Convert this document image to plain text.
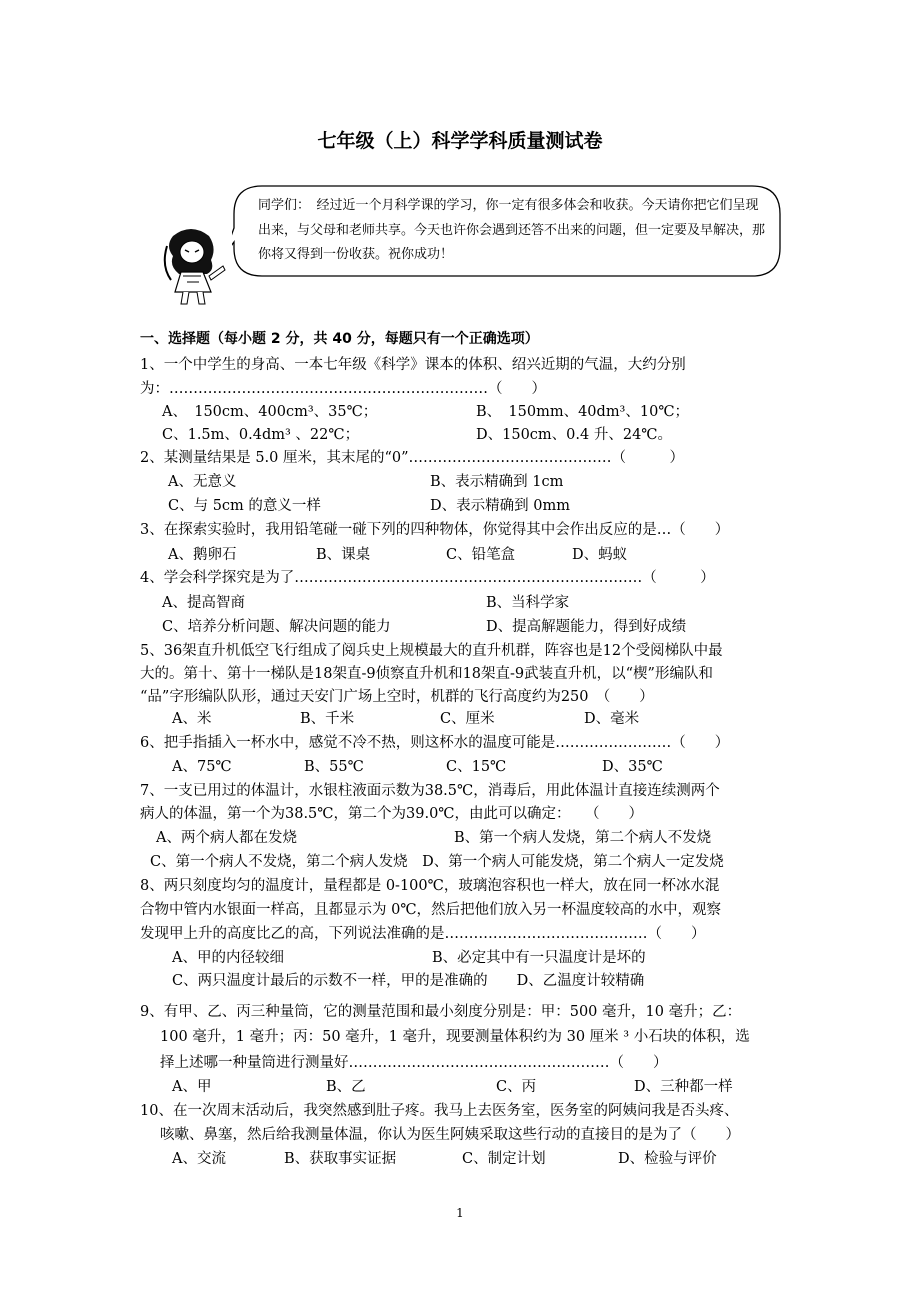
七年级（上）科学学科质量测试卷
同学们：　经过近一个月科学课的学习，你一定有很多体会和收获。今天请你把它们呈现出来，与父母和老师共享。今天也许你会遇到还答不出来的问题，但一定要及早解决，那你将又得到一份收获。祝你成功！
一、选择题（每小题 2 分，共 40 分，每题只有一个正确选项）
1、一个中学生的身高、一本七年级《科学》课本的体积、绍兴近期的气温，大约分别
为：…………………………………………………………（　　）
A、　150cm、400cm³、35℃；	B、　150mm、40dm³、10℃；
C、1.5m、0.4dm³ 、22℃；	D、150cm、0.4 升、24℃。
2、某测量结果是 5.0 厘米，其末尾的“0”……………………………………（　　　）
A、无意义	B、表示精确到 1cm
C、与 5cm 的意义一样	D、表示精确到 0mm
3、在探索实验时，我用铅笔碰一碰下列的四种物体，你觉得其中会作出反应的是…（　　）
A、鹅卵石	B、课桌	C、铅笔盒	D、蚂蚁
4、学会科学探究是为了………………………………………………………………（　　　）
A、提高智商	B、当科学家
C、培养分析问题、解决问题的能力	D、提高解题能力，得到好成绩
5、36架直升机低空飞行组成了阅兵史上规模最大的直升机群，阵容也是12个受阅梯队中最
大的。第十、第十一梯队是18架直-9侦察直升机和18架直-9武装直升机，以“楔”形编队和
“品”字形编队队形，通过天安门广场上空时，机群的飞行高度约为250　（　　）
A、米	B、千米	C、厘米	D、毫米
6、把手指插入一杯水中，感觉不冷不热，则这杯水的温度可能是……………………（　　）
A、75℃	B、55℃	C、15℃	D、35℃
7、一支已用过的体温计，水银柱液面示数为38.5℃，消毒后，用此体温计直接连续测两个
病人的体温，第一个为38.5℃，第二个为39.0℃，由此可以确定：　　（　　）
A、两个病人都在发烧	B、第一个病人发烧，第二个病人不发烧
C、第一个病人不发烧，第二个病人发烧　D、第一个病人可能发烧，第二个病人一定发烧
8、两只刻度均匀的温度计，量程都是 0-100℃，玻璃泡容积也一样大，放在同一杯冰水混
合物中管内水银面一样高，且都显示为 0℃，然后把他们放入另一杯温度较高的水中，观察
发现甲上升的高度比乙的高，下列说法准确的是……………………………………（　　）
A、甲的内径较细	B、必定其中有一只温度计是坏的
C、两只温度计最后的示数不一样，甲的是准确的　　D、乙温度计较精确
9、有甲、乙、丙三种量筒，它的测量范围和最小刻度分别是：甲：500 毫升，10 毫升；乙：
100 毫升，1 毫升；丙：50 毫升，1 毫升，现要测量体积约为 30 厘米 ³ 小石块的体积，选
择上述哪一种量筒进行测量好………………………………………………（　　）
A、甲	B、乙	C、丙	D、三种都一样
10、在一次周末活动后，我突然感到肚子疼。我马上去医务室，医务室的阿姨问我是否头疼、
咳嗽、鼻塞，然后给我测量体温，你认为医生阿姨采取这些行动的直接目的是为了（　　）
A、交流	B、获取事实证据	C、制定计划	D、检验与评价
1
